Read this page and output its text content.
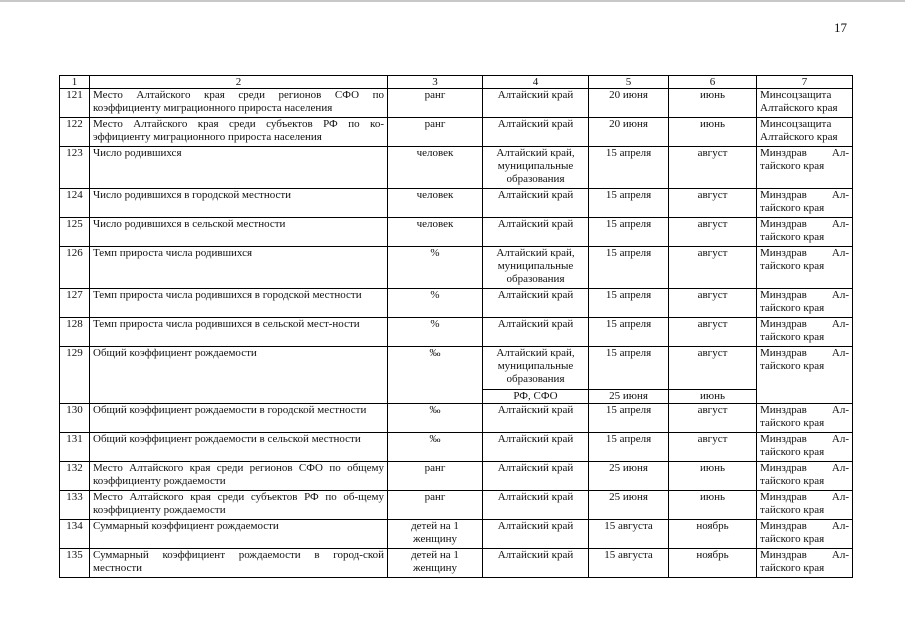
17
1	2	3	4	5	6	7
121	Место Алтайского края среди регионов СФО по коэффициенту миграционного прироста населения	ранг	Алтайский край	20 июня	июнь	Минсоцзащита
Алтайского края

122	Место Алтайского края среди субъектов РФ по ко-эффициенту миграционного прироста населения	ранг	Алтайский край	20 июня	июнь	Минсоцзащита
Алтайского края

123	Число родившихся	человек	Алтайский край, муниципальные образования	15 апреля	август	Минздрав Ал-
тайского края

124	Число родившихся в городской местности	человек	Алтайский край	15 апреля	август	Минздрав Ал-
тайского края

125	Число родившихся в сельской местности	человек	Алтайский край	15 апреля	август	Минздрав Ал-
тайского края

126	Темп прироста числа родившихся	%	Алтайский край, муниципальные образования	15 апреля	август	Минздрав Ал-
тайского края

127	Темп прироста числа родившихся в городской местности	%	Алтайский край	15 апреля	август	Минздрав Ал-
тайского края

128	Темп прироста числа родившихся в сельской мест-ности	%	Алтайский край	15 апреля	август	Минздрав Ал-
тайского края

129	Общий коэффициент рождаемости	‰	Алтайский край, муниципальные образования	15 апреля	август	Минздрав Ал-
тайского края

			РФ, СФО	25 июня	июнь	
130	Общий коэффициент рождаемости в городской местности	‰	Алтайский край	15 апреля	август	Минздрав Ал-
тайского края

131	Общий коэффициент рождаемости в сельской местности	‰	Алтайский край	15 апреля	август	Минздрав Ал-
тайского края

132	Место Алтайского края среди регионов СФО по общему коэффициенту рождаемости	ранг	Алтайский край	25 июня	июнь	Минздрав Ал-
тайского края

133	Место Алтайского края среди субъектов РФ по об-щему коэффициенту рождаемости	ранг	Алтайский край	25 июня	июнь	Минздрав Ал-
тайского края

134	Суммарный коэффициент рождаемости	детей на 1 женщину	Алтайский край	15 августа	ноябрь	Минздрав Ал-
тайского края

135	Суммарный коэффициент рождаемости в город-ской местности	детей на 1 женщину	Алтайский край	15 августа	ноябрь	Минздрав Ал-
тайского края
